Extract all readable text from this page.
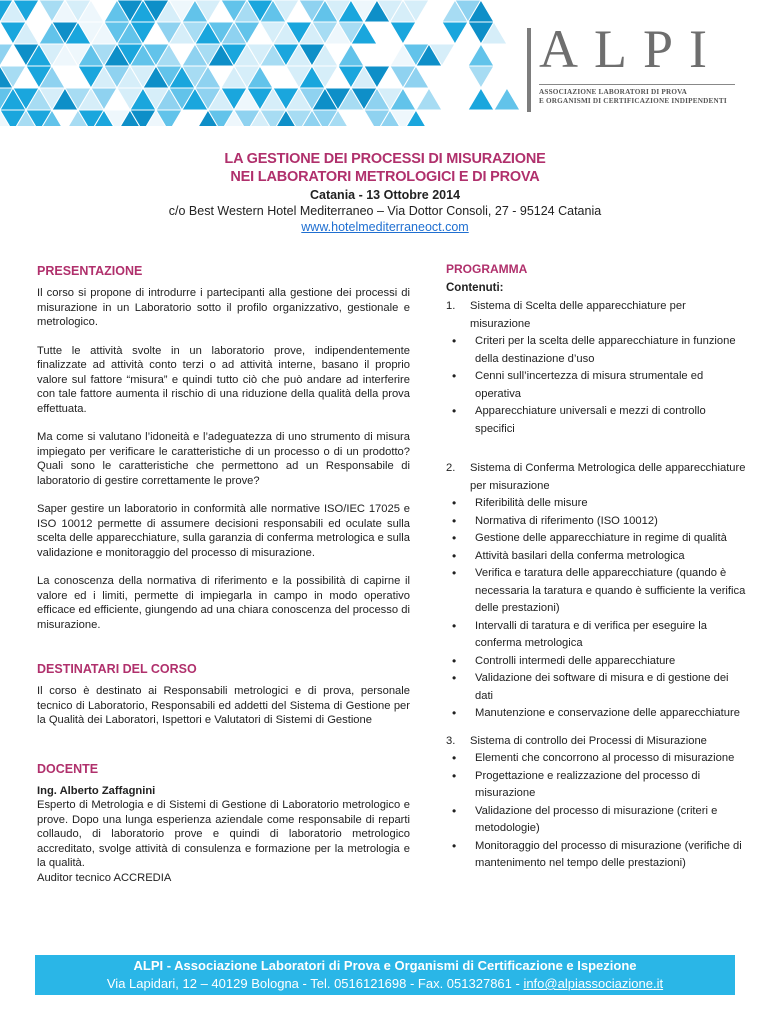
ALPI
ASSOCIAZIONE LABORATORI DI PROVA
E ORGANISMI DI CERTIFICAZIONE INDIPENDENTI
LA GESTIONE DEI PROCESSI DI MISURAZIONE
NEI LABORATORI METROLOGICI E DI PROVA
Catania - 13 Ottobre 2014
c/o Best Western Hotel Mediterraneo – Via Dottor Consoli, 27 - 95124 Catania
www.hotelmediterraneoct.com
PRESENTAZIONE

Il corso si propone di introdurre i partecipanti alla gestione dei processi di misurazione in un Laboratorio sotto il profilo organizzativo, gestionale e metrologico.

Tutte le attività svolte in un laboratorio prove, indipendentemente finalizzate ad attività conto terzi o ad attività interne, basano il proprio valore sul fattore “misura” e quindi tutto ciò che può andare ad interferire con tale fattore aumenta il rischio di una riduzione della qualità della prova effettuata.

Ma come si valutano l’idoneità e l’adeguatezza di uno strumento di misura impiegato per verificare le caratteristiche di un processo o di un prodotto? Quali sono le caratteristiche che permettono ad un Responsabile di laboratorio di gestire correttamente le prove?

Saper gestire un laboratorio in conformità alle normative ISO/IEC 17025 e ISO 10012 permette di assumere decisioni responsabili ed oculate sulla scelta delle apparecchiature, sulla garanzia di conferma metrologica e sulla validazione e monitoraggio del processo di misurazione.

La conoscenza della normativa di riferimento e la possibilità di capirne il valore ed i limiti, permette di impiegarla in campo in modo operativo efficace ed efficiente, giungendo ad una chiara conoscenza del processo di misurazione.

DESTINATARI DEL CORSO

Il corso è destinato ai Responsabili metrologici e di prova, personale tecnico di Laboratorio, Responsabili ed addetti del Sistema di Gestione per la Qualità dei Laboratori, Ispettori e Valutatori di Sistemi di Gestione

DOCENTE
Ing. Alberto Zaffagnini

Esperto di Metrologia e di Sistemi di Gestione di Laboratorio metrologico e prove. Dopo una lunga esperienza aziendale come responsabile di reparti collaudo, di laboratorio prove e quindi di laboratorio metrologico accreditato, svolge attività di consulenza e formazione per la metrologia e la qualità.

Auditor tecnico ACCREDIA

PROGRAMMA
Contenuti:
1. Sistema di Scelta delle apparecchiature per misurazione
• Criteri per la scelta delle apparecchiature in funzione della destinazione d’uso
• Cenni sull’incertezza di misura strumentale ed operativa
• Apparecchiature universali e mezzi di controllo specifici
2. Sistema di Conferma Metrologica delle apparecchiature per misurazione
• Riferibilità delle misure
• Normativa di riferimento (ISO 10012)
• Gestione delle apparecchiature in regime di qualità
• Attività basilari della conferma metrologica
• Verifica e taratura delle apparecchiature (quando è necessaria la taratura e quando è sufficiente la verifica delle prestazioni)
• Intervalli di taratura e di verifica per eseguire la conferma metrologica
• Controlli intermedi delle apparecchiature
• Validazione dei software di misura e di gestione dei dati
• Manutenzione e conservazione delle apparecchiature
3. Sistema di controllo dei Processi di Misurazione
• Elementi che concorrono al processo di misurazione
• Progettazione e realizzazione del processo di misurazione
• Validazione del processo di misurazione (criteri e metodologie)
• Monitoraggio del processo di misurazione (verifiche di mantenimento nel tempo delle prestazioni)
ALPI - Associazione Laboratori di Prova e Organismi di Certificazione e Ispezione
Via Lapidari, 12 – 40129 Bologna - Tel. 0516121698 - Fax. 051327861 - info@alpiassociazione.it
